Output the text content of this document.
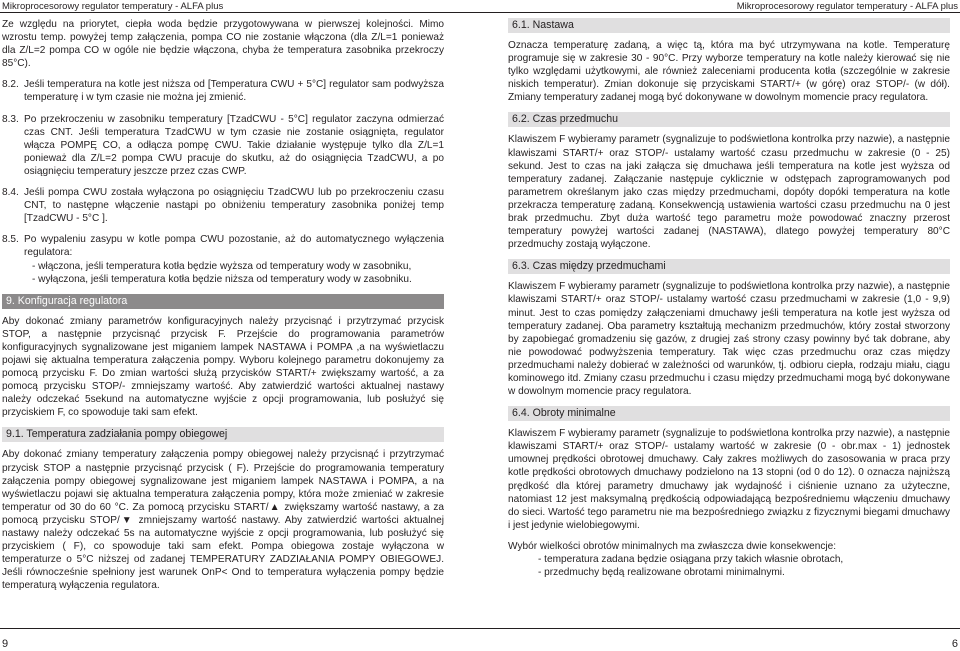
Mikroprocesorowy regulator temperatury - ALFA plus	Mikroprocesorowy regulator temperatury - ALFA plus

Ze względu na priorytet, ciepła woda będzie przygotowywana w pierwszej kolejności. Mimo wzrostu temp. powyżej temp załączenia, pompa CO nie zostanie włączona (dla Z/L=1 ponieważ dla Z/L=2 pompa CO w ogóle nie będzie włączona, chyba że temperatura zasobnika przekroczy 85°C).

8.2. Jeśli temperatura na kotle jest niższa od [Temperatura CWU + 5°C] regulator sam podwyższa temperaturę i w tym czasie nie można jej zmienić.

8.3. Po przekroczeniu w zasobniku temperatury [TzadCWU - 5°C] regulator zaczyna odmierzać czas CNT. Jeśli temperatura TzadCWU w tym czasie nie zostanie osiągnięta, regulator włącza POMPĘ CO, a odłącza pompę CWU. Takie działanie występuje tylko dla Z/L=1 ponieważ dla Z/L=2 pompa CWU pracuje do skutku, aż do osiągnięcia TzadCWU, a po osiągnięciu temperatury jeszcze przez czas CWP.

8.4. Jeśli pompa CWU została wyłączona po osiągnięciu TzadCWU lub po przekroczeniu czasu CNT, to następne włączenie nastąpi po obniżeniu temperatury zasobnika poniżej temp [TzadCWU - 5°C ].

8.5. Po wypaleniu zasypu w kotle pompa CWU pozostanie, aż do automatycznego wyłączenia regulatora:

- włączona, jeśli temperatura kotła będzie wyższa od temperatury wody w zasobniku,
- wyłączona, jeśli temperatura kotła będzie niższa od temperatury wody w zasobniku.
9. Konfiguracja regulatora

Aby dokonać zmiany parametrów konfiguracyjnych należy przycisnąć i przytrzymać przycisk STOP, a następnie przycisnąć przycisk F. Przejście do programowania parametrów konfiguracyjnych sygnalizowane jest miganiem lampek NASTAWA i POMPA ,a na wyświetlaczu pojawi się aktualna temperatura załączenia pompy. Wyboru kolejnego parametru dokonujemy za pomocą przycisku F. Do zmian wartości służą przycisków START/+ zwiększamy wartość, a za pomocą przycisku STOP/- zmniejszamy wartość. Aby zatwierdzić wartości aktualnej nastawy należy odczekać 5sekund na automatyczne wyjście z opcji programowania, lub posłużyć się przyciskiem F, co spowoduje taki sam efekt.

9.1. Temperatura zadziałania pompy obiegowej

Aby dokonać zmiany temperatury załączenia pompy obiegowej należy przycisnąć i przytrzymać przycisk STOP a następnie przycisnąć przycisk ( F). Przejście do programowania temperatury załączenia pompy obiegowej sygnalizowane jest miganiem lampek NASTAWA i POMPA, a na wyświetlaczu pojawi się aktualna temperatura załączenia pompy, która może zmieniać w zakresie temperatur od 30 do 60 °C. Za pomocą przycisku START/▲ zwiększamy wartość nastawy, a za pomocą przycisku STOP/▼ zmniejszamy wartość nastawy. Aby zatwierdzić wartości aktualnej nastawy należy odczekać 5s na automatyczne wyjście z opcji programowania, lub posłużyć się przyciskiem ( F), co spowoduje taki sam efekt. Pompa obiegowa zostaje wyłączona w temperaturze o 5°C niższej od zadanej TEMPERATURY ZADZIAŁANIA POMPY OBIEGOWEJ. Jeśli równocześnie spełniony jest warunek OnP< Ond to temperatura wyłączenia pompy będzie temperaturą wyłączenia regulatora.

6.1. Nastawa

Oznacza temperaturę zadaną, a więc tą, która ma być utrzymywana na kotle. Temperaturę programuje się w zakresie 30 - 90°C. Przy wyborze temperatury na kotle należy kierować się nie tylko względami użytkowymi, ale również zaleceniami producenta kotła (szczególnie w zakresie niskich temperatur). Zmian dokonuje się przyciskami START/+ (w górę) oraz STOP/- (w dół). Zmiany temperatury zadanej mogą być dokonywane w dowolnym momencie pracy regulatora.

6.2. Czas przedmuchu

Klawiszem F wybieramy parametr (sygnalizuje to podświetlona kontrolka przy nazwie), a następnie klawiszami START/+ oraz STOP/- ustalamy wartość czasu przedmuchu w zakresie (0 - 25) sekund. Jest to czas na jaki załącza się dmuchawa jeśli temperatura na kotle jest wyższa od temperatury zadanej. Załączanie następuje cyklicznie w odstępach zaprogramowanych pod parametrem określanym jako czas między przedmuchami, dopóty dopóki temperatura na kotle przekracza temperaturę zadaną. Konsekwencją ustawienia wartości czasu przedmuchu na 0 jest brak przedmuchu. Zbyt duża wartość tego parametru może powodować znaczny przerost temperatury powyżej wartości zadanej (NASTAWA), dlatego powyżej temperatury 80°C przedmuchy zostają wyłączone.

6.3. Czas między przedmuchami

Klawiszem F wybieramy parametr (sygnalizuje to podświetlona kontrolka przy nazwie), a następnie klawiszami START/+ oraz STOP/- ustalamy wartość czasu przedmuchami w zakresie (1,0 - 9,9) minut. Jest to czas pomiędzy załączeniami dmuchawy jeśli temperatura na kotle jest wyższa od temperatury zadanej. Oba parametry kształtują mechanizm przedmuchów, który został stworzony by zapobiegać gromadzeniu się gazów, z drugiej zaś strony czasy powinny być tak dobrane, aby nie powodować podwyższenia temperatury. Tak więc czas przedmuchu oraz czas między przedmuchami należy dobierać w zależności od warunków, tj. odbioru ciepła, rodzaju miału, ciągu kominowego itd. Zmiany czasu przedmuchu i czasu między przedmuchami mogą być dokonywane w dowolnym momencie pracy regulatora.

6.4. Obroty minimalne

Klawiszem F wybieramy parametr (sygnalizuje to podświetlona kontrolka przy nazwie), a następnie klawiszami START/+ oraz STOP/- ustalamy wartość w zakresie (0 - obr.max - 1) jednostek umownej prędkości obrotowej dmuchawy. Cały zakres możliwych do zasosowania w praca przy kotle prędkości obrotowych dmuchawy podzielono na 13 stopni (od 0 do 12). 0 oznacza najniższą prędkość dla której parametry dmuchawy jak wydajność i ciśnienie uznano za użyteczne, natomiast 12 jest maksymalną prędkością odpowiadającą bezpośredniemu włączeniu dmuchawy do sieci. Wartość tego parametru nie ma bezpośredniego związku z fizycznymi biegami dmuchawy i jest jedynie wielobiegowymi.

Wybór wielkości obrotów minimalnych ma zwłaszcza dwie konsekwencje:

- temperatura zadana będzie osiągana przy takich własnie obrotach,
- przedmuchy będą realizowane obrotami minimalnymi.
9	6
